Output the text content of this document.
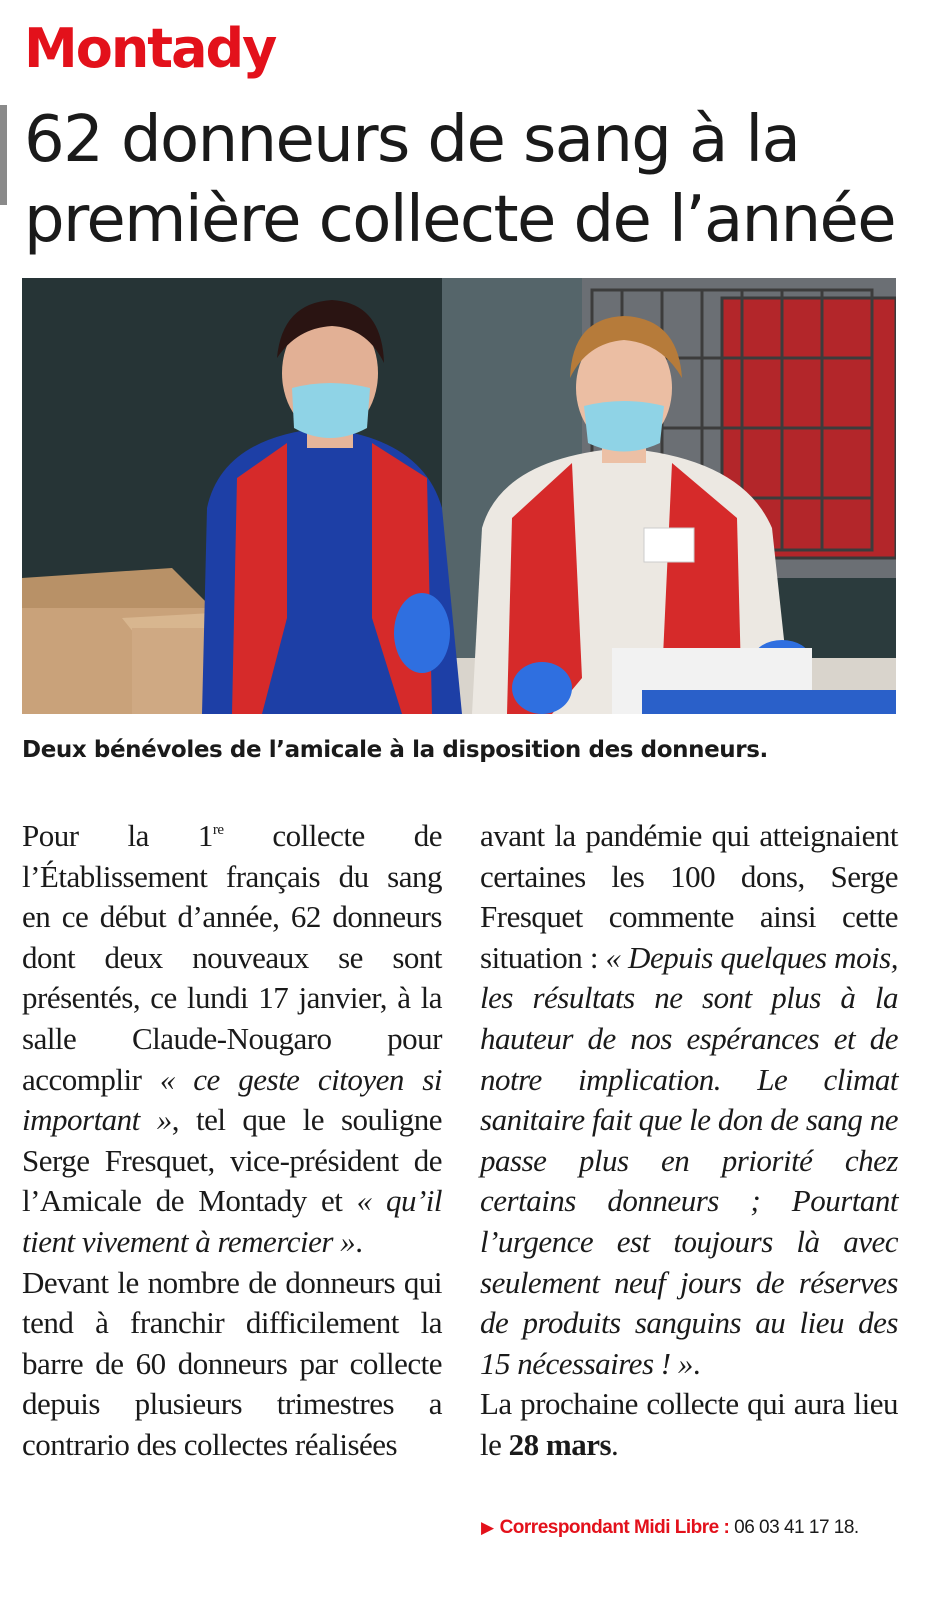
Montady
62 donneurs de sang à la
première collecte de l’année
Deux bénévoles de l’amicale à la disposition des donneurs.

Pour la 1re collecte de l’Établissement français du sang en ce début d’année, 62 donneurs dont deux nouveaux se sont présentés, ce lundi 17 janvier, à la salle Claude-Nougaro pour accomplir « ce geste citoyen si important », tel que le souligne Serge Fresquet, vice-président de l’Amicale de Montady et « qu’il tient vivement à remercier ».

Devant le nombre de donneurs qui tend à franchir difficilement la barre de 60 donneurs par collecte depuis plusieurs trimestres a contrario des collectes réalisées

avant la pandémie qui atteignaient certaines les 100 dons, Serge Fresquet commente ainsi cette situation : « Depuis quelques mois, les résultats ne sont plus à la hauteur de nos espérances et de notre implication. Le climat sanitaire fait que le don de sang ne passe plus en priorité chez certains donneurs ; Pourtant l’urgence est toujours là avec seulement neuf jours de réserves de produits sanguins au lieu des 15 nécessaires ! ».

La prochaine collecte qui aura lieu le 28 mars.

▶ Correspondant Midi Libre : 06 03 41 17 18.
